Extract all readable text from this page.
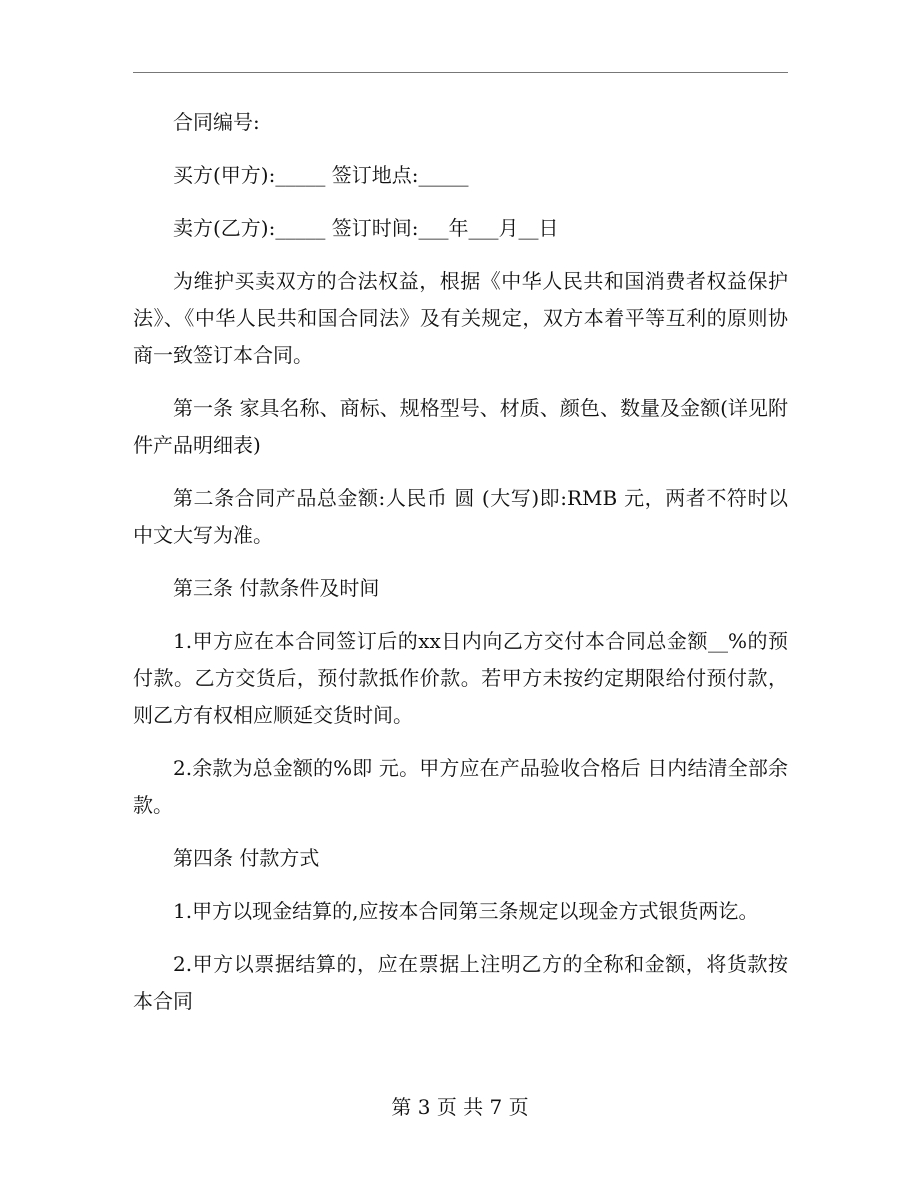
合同编号:

买方(甲方):_____ 签订地点:_____

卖方(乙方):_____ 签订时间:___年___月__日

为维护买卖双方的合法权益，根据《中华人民共和国消费者权益保护法》、《中华人民共和国合同法》及有关规定，双方本着平等互利的原则协商一致签订本合同。

第一条 家具名称、商标、规格型号、材质、颜色、数量及金额(详见附件产品明细表)

第二条合同产品总金额:人民币 圆 (大写)即:RMB 元，两者不符时以中文大写为准。

第三条 付款条件及时间

1.甲方应在本合同签订后的xx日内向乙方交付本合同总金额__%的预付款。乙方交货后，预付款抵作价款。若甲方未按约定期限给付预付款，则乙方有权相应顺延交货时间。

2.余款为总金额的%即 元。甲方应在产品验收合格后 日内结清全部余款。

第四条 付款方式

1.甲方以现金结算的,应按本合同第三条规定以现金方式银货两讫。

2.甲方以票据结算的，应在票据上注明乙方的全称和金额，将货款按本合同

第 3 页 共 7 页
